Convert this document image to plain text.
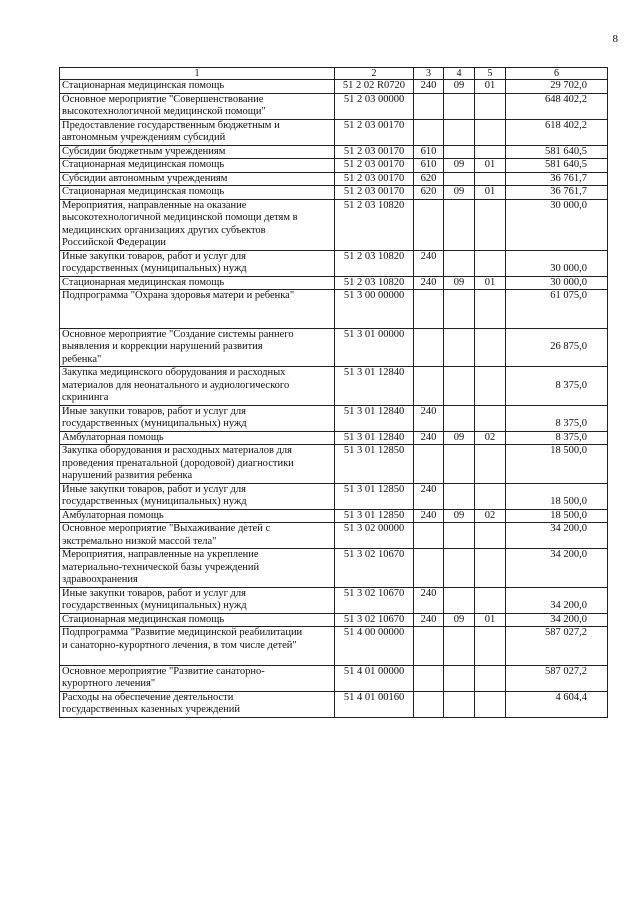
8
1	2	3	4	5	6

Стационарная медицинская помощь	51 2 02 R0720	240	09	01	29 702,0

Основное мероприятие "Совершенствование
высокотехнологичной медицинской помощи"	51 2 03 00000				648 402,2

Предоставление государственным бюджетным и
автономным учреждениям субсидий	51 2 03 00170				618 402,2

Субсидии бюджетным учреждениям	51 2 03 00170	610			581 640,5

Стационарная медицинская помощь	51 2 03 00170	610	09	01	581 640,5

Субсидии автономным учреждениям	51 2 03 00170	620			36 761,7

Стационарная медицинская помощь	51 2 03 00170	620	09	01	36 761,7

Мероприятия, направленные на оказание
высокотехнологичной медицинской помощи детям в
медицинских организациях других субъектов
Российской Федерации	51 2 03 10820				30 000,0

Иные закупки товаров, работ и услуг для
государственных (муниципальных) нужд	51 2 03 10820	240			30 000,0

Стационарная медицинская помощь	51 2 03 10820	240	09	01	30 000,0

Подпрограмма "Охрана здоровья матери и ребенка"	51 3 00 00000				61 075,0

Основное мероприятие "Создание системы раннего
выявления и коррекции нарушений развития
ребенка"	51 3 01 00000				26 875,0

Закупка медицинского оборудования и расходных
материалов для неонатального и аудиологического
скрининга	51 3 01 12840				8 375,0

Иные закупки товаров, работ и услуг для
государственных (муниципальных) нужд	51 3 01 12840	240			8 375,0

Амбулаторная помощь	51 3 01 12840	240	09	02	8 375,0

Закупка оборудования и расходных материалов для
проведения пренатальной (дородовой) диагностики
нарушений развития ребенка	51 3 01 12850				18 500,0

Иные закупки товаров, работ и услуг для
государственных (муниципальных) нужд	51 3 01 12850	240			18 500,0

Амбулаторная помощь	51 3 01 12850	240	09	02	18 500,0

Основное мероприятие "Выхаживание детей с
экстремально низкой массой тела"	51 3 02 00000				34 200,0

Мероприятия, направленные на укрепление
материально-технической базы учреждений
здравоохранения	51 3 02 10670				34 200,0

Иные закупки товаров, работ и услуг для
государственных (муниципальных) нужд	51 3 02 10670	240			34 200,0

Стационарная медицинская помощь	51 3 02 10670	240	09	01	34 200,0

Подпрограмма "Развитие медицинской реабилитации
и санаторно-курортного лечения, в том числе детей"	51 4 00 00000				587 027,2

Основное мероприятие "Развитие санаторно-
курортного лечения"	51 4 01 00000				587 027,2

Расходы на обеспечение деятельности
государственных казенных учреждений	51 4 01 00160				4 604,4
